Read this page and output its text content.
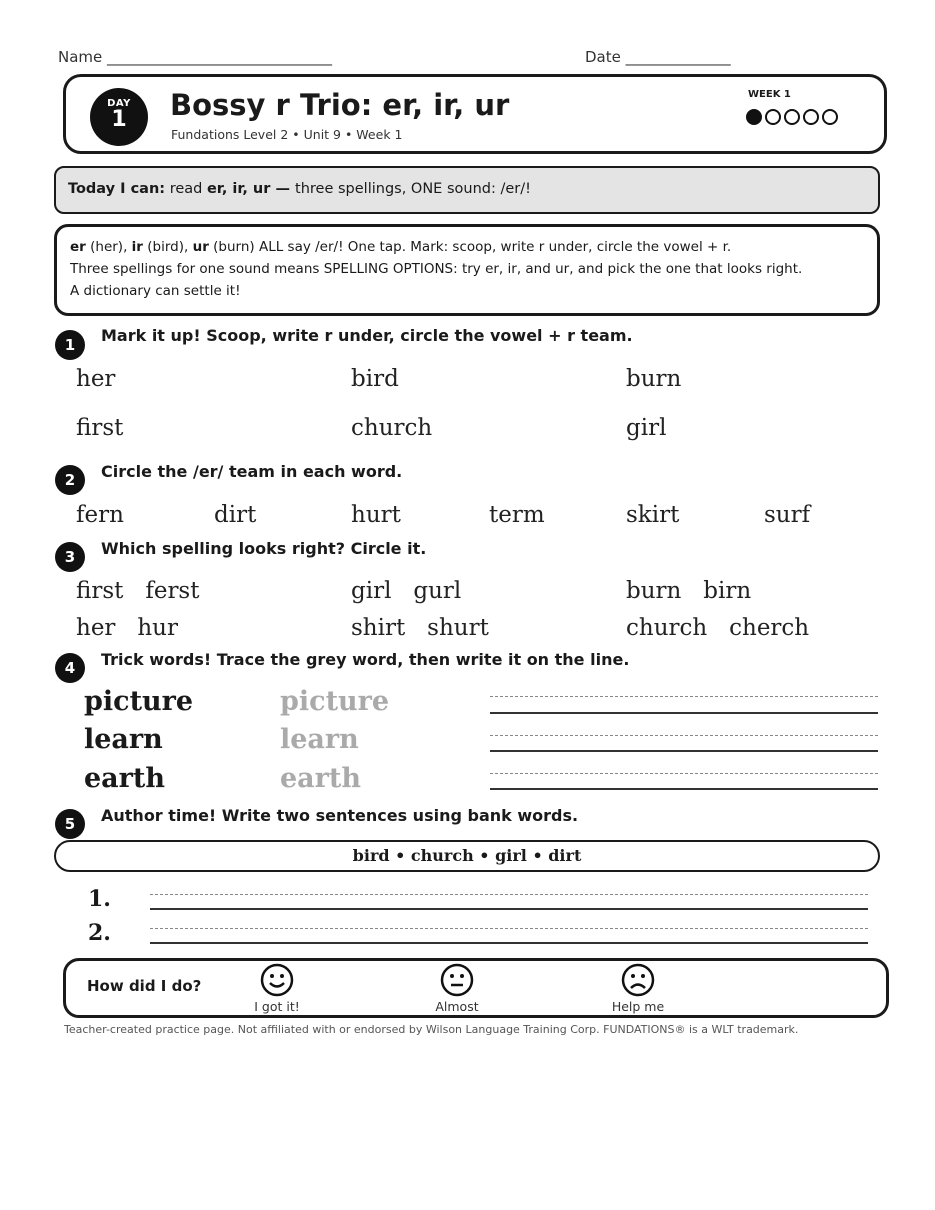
Name ______________________________	Date ______________
DAY
1	Bossy r Trio: er, ir, ur
Fundations Level 2 • Unit 9 • Week 1
WEEK 1
Today I can: read er, ir, ur — three spellings, ONE sound: /er/!
er (her), ir (bird), ur (burn) ALL say /er/! One tap. Mark: scoop, write r under, circle the vowel + r.
Three spellings for one sound means SPELLING OPTIONS: try er, ir, and ur, and pick the one that looks right.
A dictionary can settle it!
1	Mark it up! Scoop, write r under, circle the vowel + r team.
her	bird	burn
first	church	girl
2	Circle the /er/ team in each word.
fern	dirt	hurt	term	skirt	surf
3	Which spelling looks right? Circle it.
first   ferst	girl   gurl	burn   birn
her   hur	shirt   shurt	church   cherch
4	Trick words! Trace the grey word, then write it on the line.
picture	picture
learn	learn
earth	earth
5	Author time! Write two sentences using bank words.
bird • church • girl • dirt
1.
2.
How did I do?
I got it!	Almost	Help me
Teacher-created practice page. Not affiliated with or endorsed by Wilson Language Training Corp. FUNDATIONS® is a WLT trademark.
